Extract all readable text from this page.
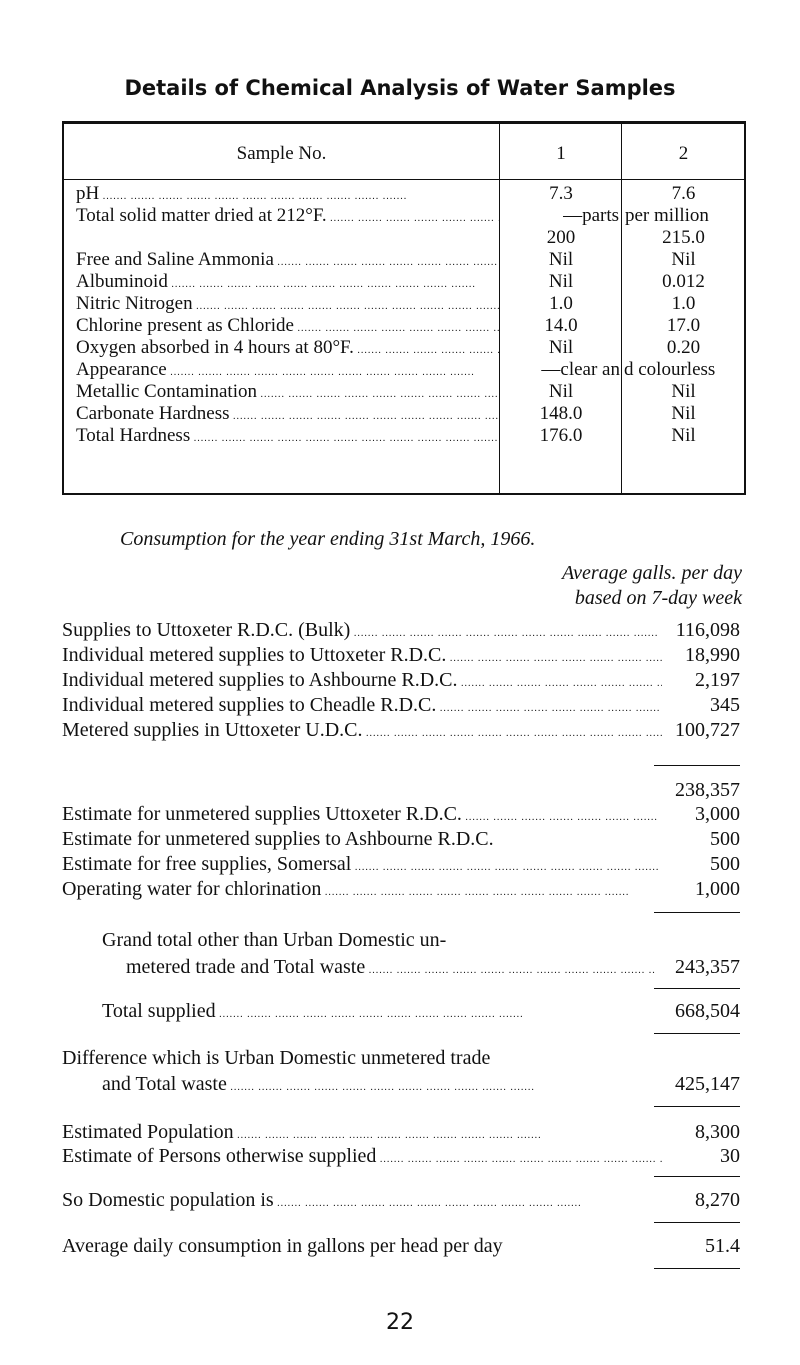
Details of Chemical Analysis of Water Samples
Sample No.	1	2
pH .....	7.3	7.6
Total solid matter dried at 212°F. .....	—parts per million
200	215.0
Free and Saline Ammonia .....	Nil	Nil
Albuminoid .....	Nil	0.012
Nitric Nitrogen .....	1.0	1.0
Chlorine present as Chloride .....	14.0	17.0
Oxygen absorbed in 4 hours at 80°F. .....	Nil	0.20
Appearance .....	—clear an d colourless
Metallic Contamination .....	Nil	Nil
Carbonate Hardness .....	148.0	Nil
Total Hardness .....	176.0	Nil
Consumption for the year ending 31st March, 1966.
Average galls. per day
based on 7-day week
Supplies to Uttoxeter R.D.C. (Bulk) .....	116,098
Individual metered supplies to Uttoxeter R.D.C. .....	18,990
Individual metered supplies to Ashbourne R.D.C. .....	2,197
Individual metered supplies to Cheadle R.D.C. .....	345
Metered supplies in Uttoxeter U.D.C. .....	100,727
238,357
Estimate for unmetered supplies Uttoxeter R.D.C. .....	3,000
Estimate for unmetered supplies to Ashbourne R.D.C.	500
Estimate for free supplies, Somersal .....	500
Operating water for chlorination .....	1,000
Grand total other than Urban Domestic un-
metered trade and Total waste .....	243,357
Total supplied .....	668,504
Difference which is Urban Domestic unmetered trade
and Total waste .....	425,147
Estimated Population .....	8,300
Estimate of Persons otherwise supplied .....	30
So Domestic population is .....	8,270
Average daily consumption in gallons per head per day	51.4
22
